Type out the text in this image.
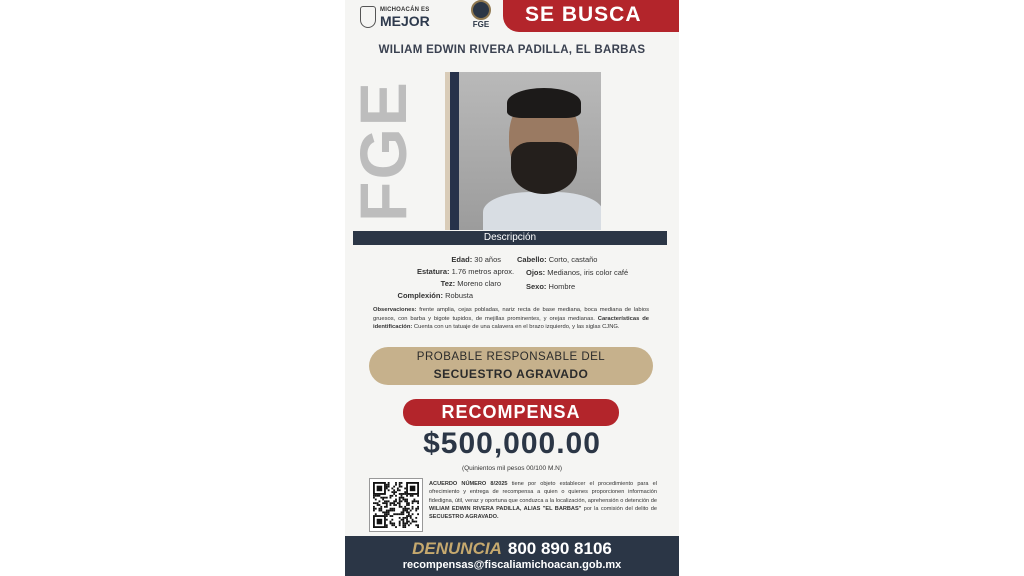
MICHOACÁN ES
MEJOR	FGE	SE BUSCA
WILIAM EDWIN RIVERA PADILLA, EL BARBAS
FGE
Descripción
Edad: 30 años
Estatura: 1.76 metros aprox.
Tez: Moreno claro
Complexión: Robusta
Cabello: Corto, castaño
Ojos: Medianos, iris color café
Sexo: Hombre
Observaciones: frente amplia, cejas pobladas, nariz recta de base mediana, boca mediana de labios gruesos, con barba y bigote tupidos, de mejillas prominentes, y orejas medianas. Características de identificación: Cuenta con un tatuaje de una calavera en el brazo izquierdo, y las siglas CJNG.
PROBABLE RESPONSABLE DEL
SECUESTRO AGRAVADO
RECOMPENSA
$500,000.00
(Quinientos mil pesos 00/100 M.N)
ACUERDO NÚMERO 8/2025 tiene por objeto establecer el procedimiento para el ofrecimiento y entrega de recompensa a quien o quienes proporcionen información fidedigna, útil, veraz y oportuna que conduzca a la localización, aprehensión o detención de WILIAM EDWIN RIVERA PADILLA, ALIAS "EL BARBAS" por la comisión del delito de SECUESTRO AGRAVADO.
DENUNCIA 800 890 8106
recompensas@fiscaliamichoacan.gob.mx
